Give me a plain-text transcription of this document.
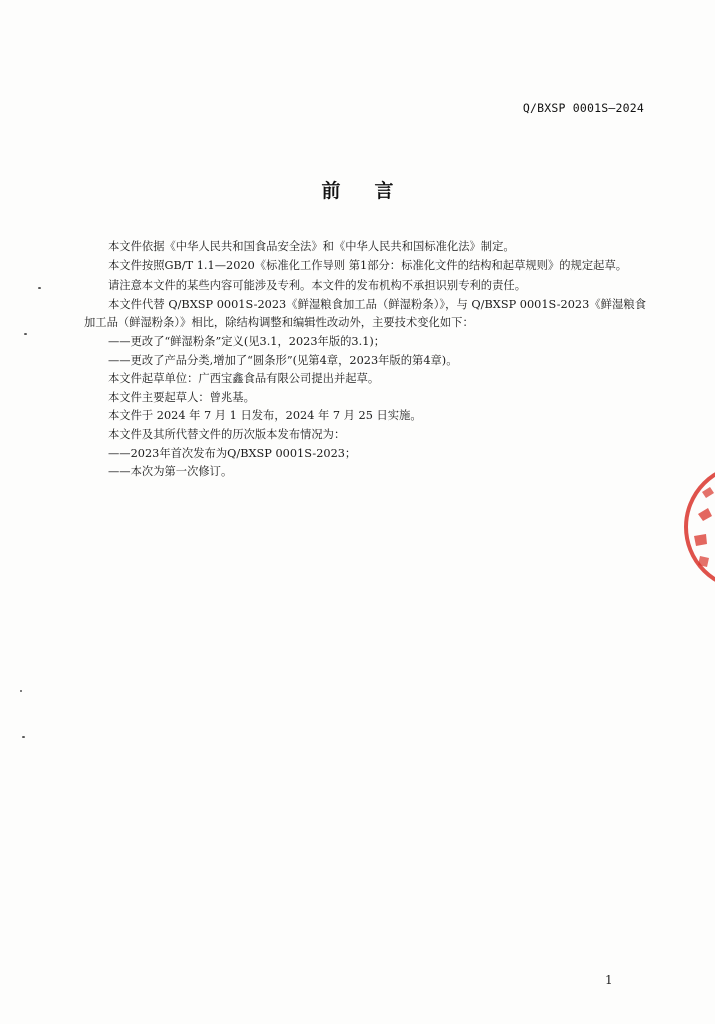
Q/BXSP 0001S—2024
前言

本文件依据《中华人民共和国食品安全法》和《中华人民共和国标准化法》制定。

本文件按照GB/T 1.1—2020《标准化工作导则 第1部分：标准化文件的结构和起草规则》的规定起草。

请注意本文件的某些内容可能涉及专利。本文件的发布机构不承担识别专利的责任。

本文件代替 Q/BXSP 0001S-2023《鲜湿粮食加工品（鲜湿粉条）》，与 Q/BXSP 0001S-2023《鲜湿粮食加工品（鲜湿粉条）》相比，除结构调整和编辑性改动外，主要技术变化如下：

——更改了“鲜湿粉条”定义(见3.1，2023年版的3.1)；

——更改了产品分类,增加了“圆条形”(见第4章，2023年版的第4章)。

本文件起草单位：广西宝鑫食品有限公司提出并起草。

本文件主要起草人：曾兆基。

本文件于 2024 年 7 月 1 日发布，2024 年 7 月 25 日实施。

本文件及其所代替文件的历次版本发布情况为：

——2023年首次发布为Q/BXSP 0001S-2023；

——本次为第一次修订。

1
